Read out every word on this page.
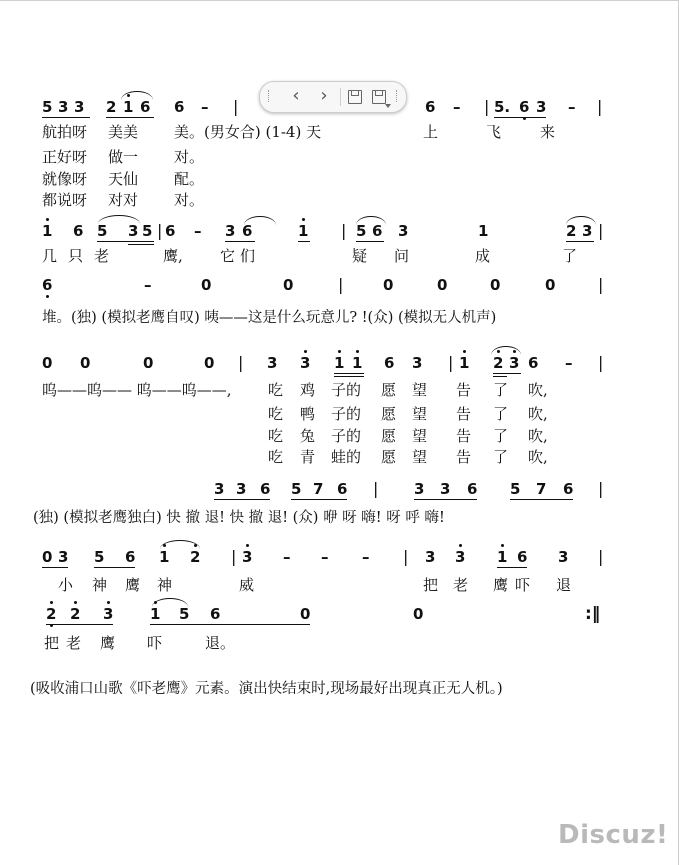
5 3 3 2 1 6 6 – |	6 – | 5. 6 3 – |
航拍呀 美美 美。(男女合) (1-4) 天	上	飞	来
正好呀 做一 对。
就像呀 天仙 配。
都说呀 对对 对。
1 6 5 3 5 | 6 – 3 6	1 | 5 6 3	1	2 3 |
几 只 老	鹰, 它 们	疑 问	成	了
6	–	0	0	|	0	0	0	0	|
堆。(独) (模拟老鹰自叹) 咦——这是什么玩意儿? !(众) (模拟无人机声)
0 0	0	0 | 3 3 1 1 6 3 | 1 2 3 6 – |
呜——呜—— 呜——呜——, 吃 鸡 子的 愿 望 告 了 吹,
吃 鸭 子的 愿 望 告 了 吹,
吃 兔 子的 愿 望 告 了 吹,
吃 青 蛙的 愿 望 告 了 吹,
3 3 6 5 7 6 | 3 3 6 5 7 6 |
(独) (模拟老鹰独白) 快 撤 退! 快 撤 退! (众) 咿 呀 嗨! 呀 呼 嗨!
0 3 5 6 1 2 | 3 – – – | 3 3 1 6 3 |
小 神 鹰 神	威	把 老 鹰 吓 退
2 2 3 1 5 6	0	0	:‖
把 老 鹰 吓	退。
(吸收浦口山歌《吓老鹰》元素。演出快结束时,现场最好出现真正无人机。)
‹	›
Discuz!
